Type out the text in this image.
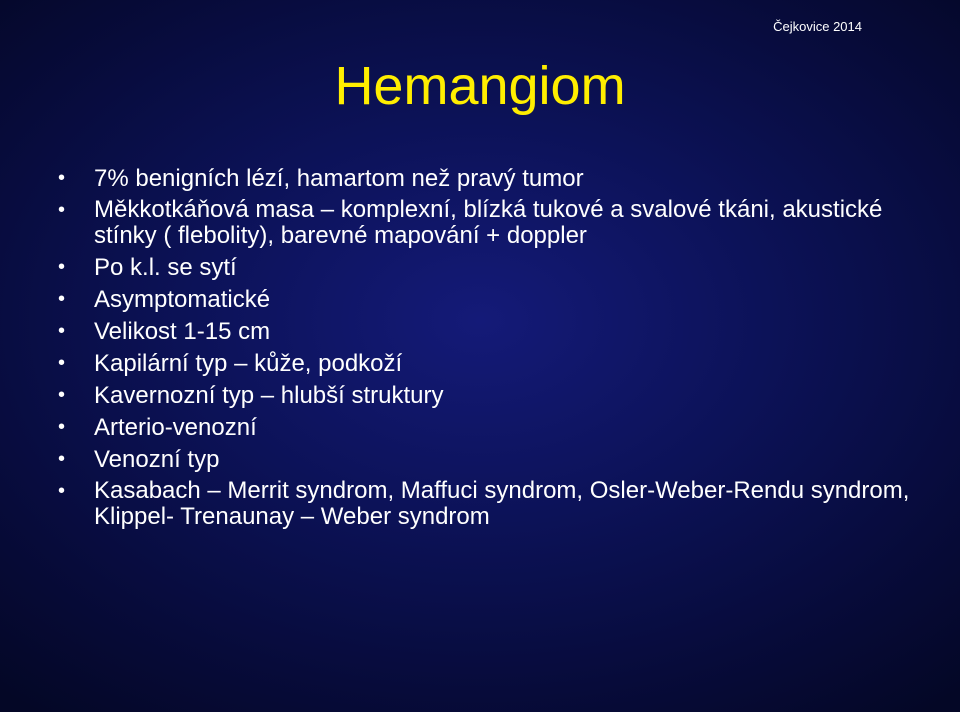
Čejkovice 2014
Hemangiom
• 7% benigních lézí, hamartom než pravý tumor
• Měkkotkáňová masa – komplexní, blízká tukové a svalové tkáni, akustické stínky ( flebolity), barevné mapování + doppler
• Po k.l. se sytí
• Asymptomatické
• Velikost 1-15 cm
• Kapilární typ – kůže, podkoží
• Kavernozní typ – hlubší struktury
• Arterio-venozní
• Venozní typ
• Kasabach – Merrit syndrom, Maffuci syndrom, Osler-Weber-Rendu syndrom, Klippel- Trenaunay – Weber syndrom
